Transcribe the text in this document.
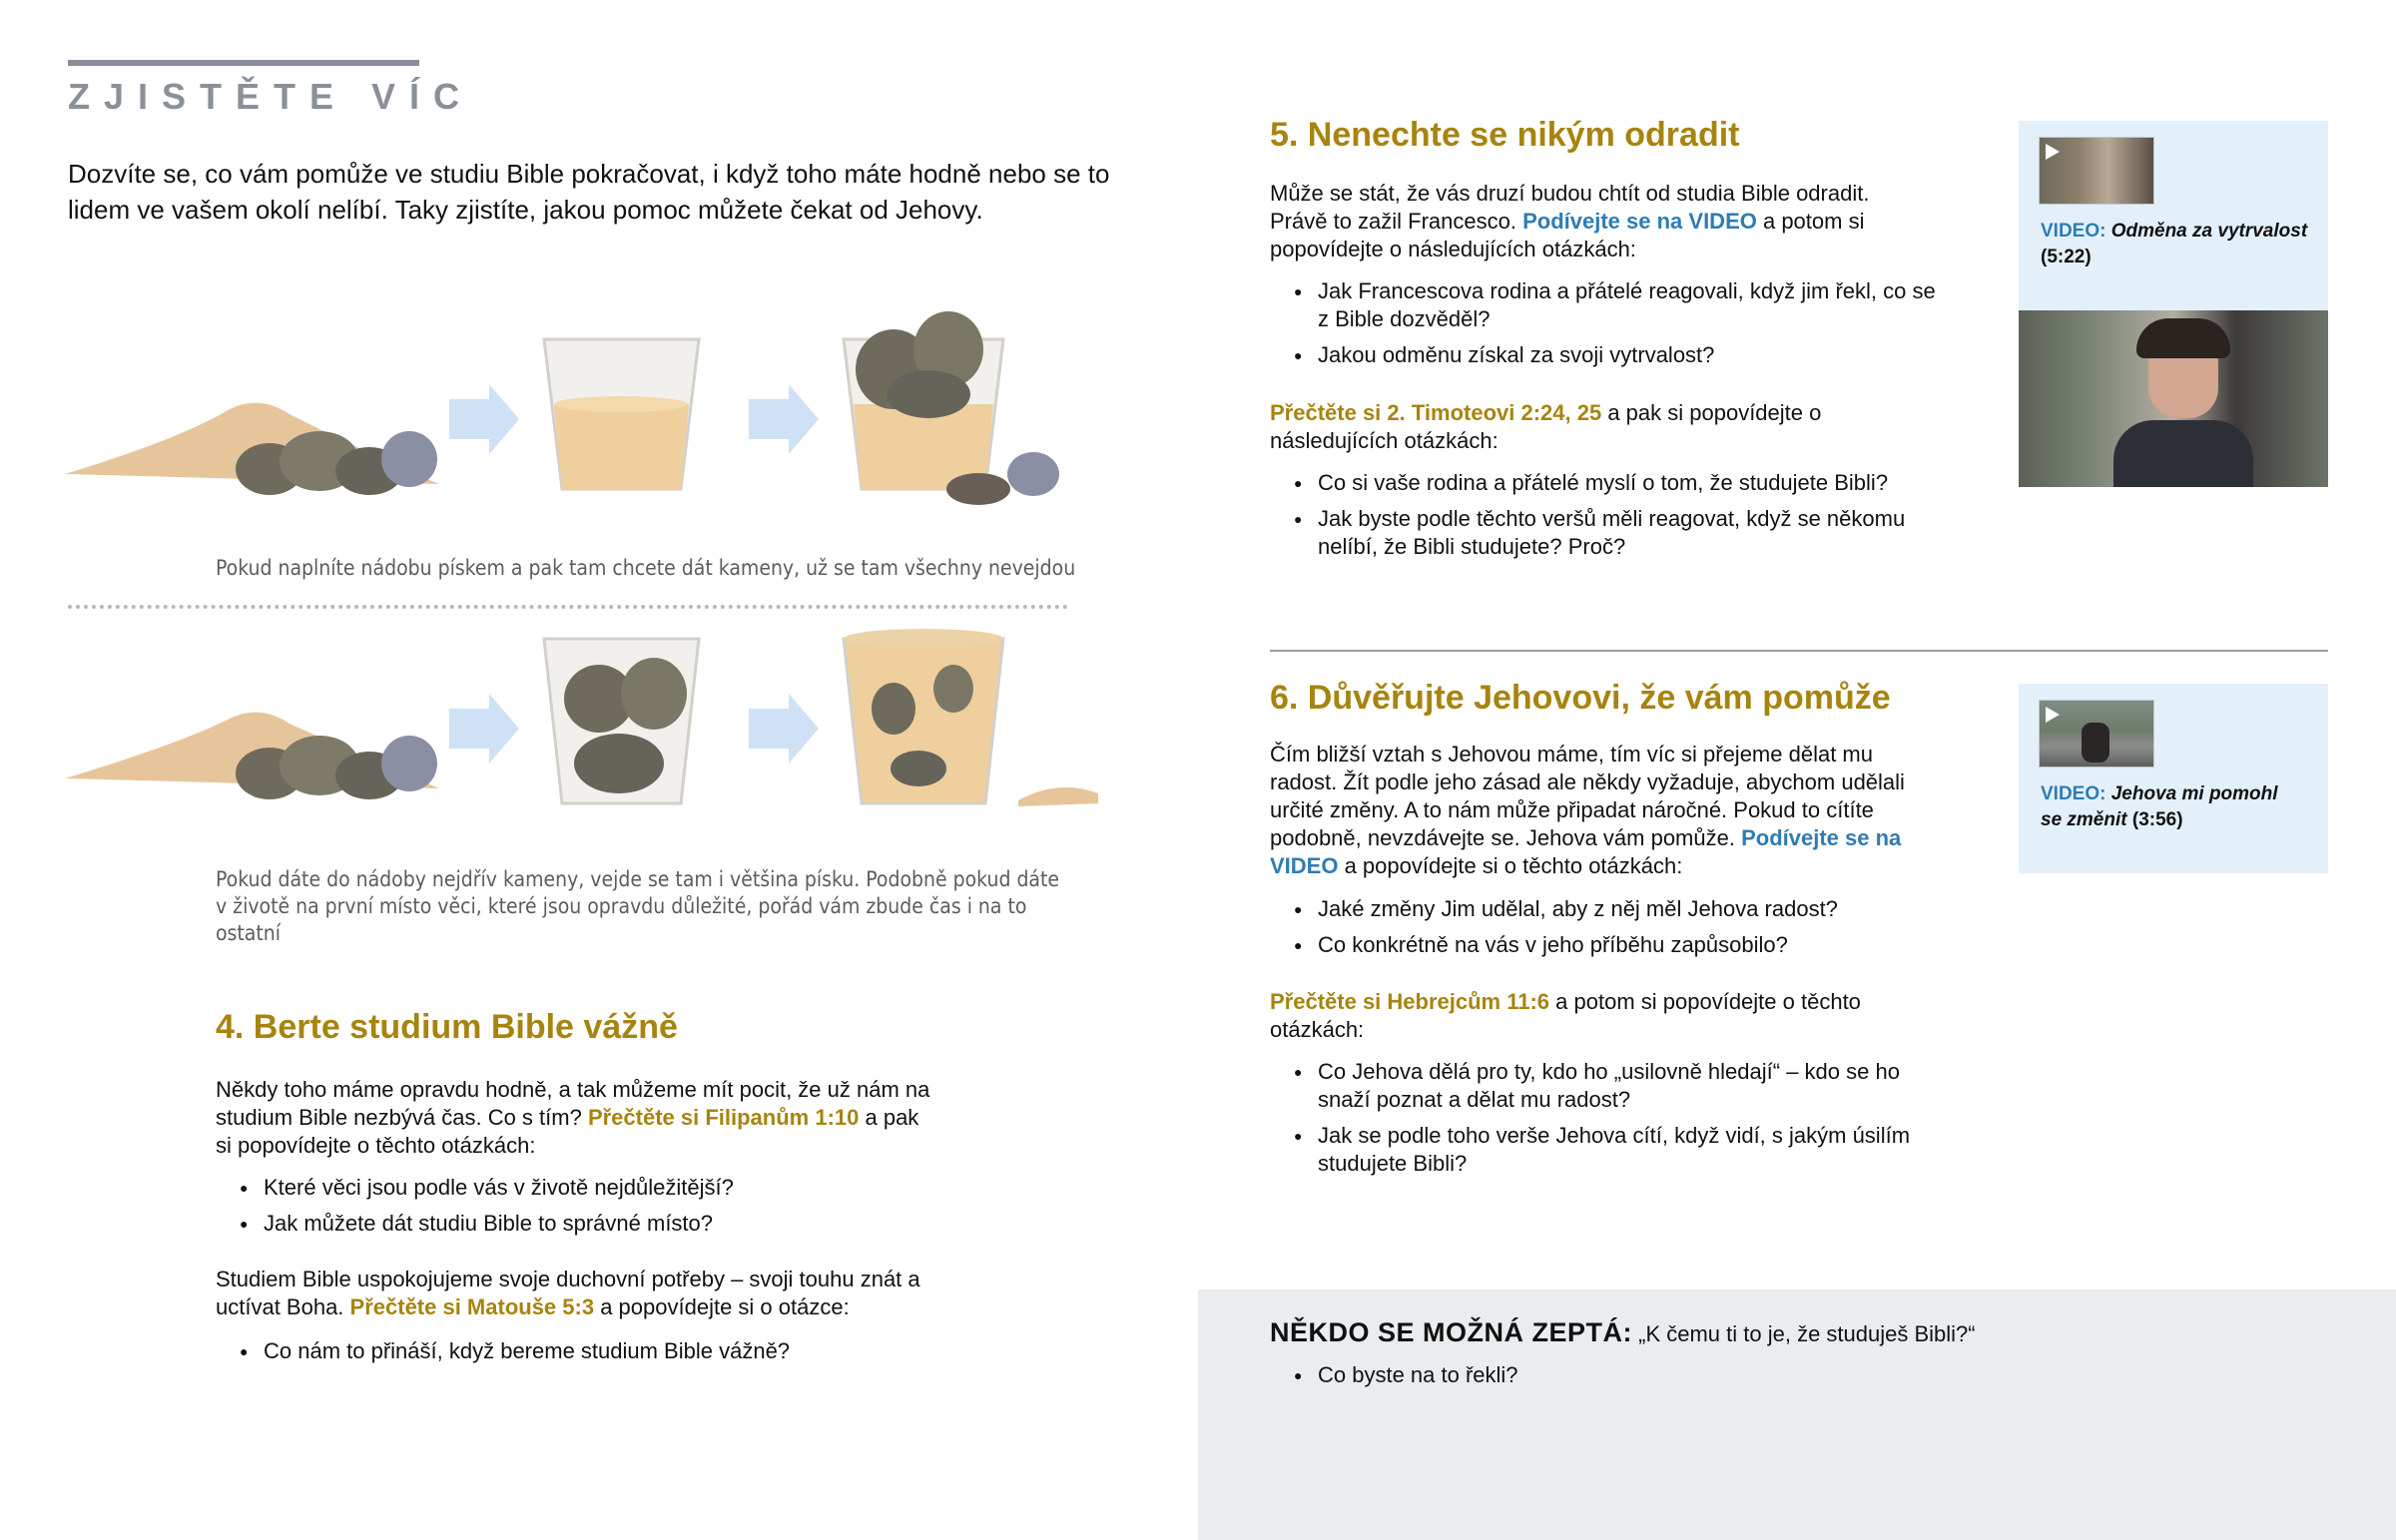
ZJISTĚTE VÍC
Dozvíte se, co vám pomůže ve studiu Bible pokračovat, i když toho máte hodně nebo se to lidem ve vašem okolí nelíbí. Taky zjistíte, jakou pomoc můžete čekat od Jehovy.
Pokud naplníte nádobu pískem a pak tam chcete dát kameny, už se tam všechny nevejdou
Pokud dáte do nádoby nejdřív kameny, vejde se tam i většina písku. Podobně pokud dáte
v životě na první místo věci, které jsou opravdu důležité, pořád vám zbude čas i na to ostatní
4. Berte studium Bible vážně
Někdy toho máme opravdu hodně, a tak můžeme mít pocit, že už nám na studium Bible nezbývá čas. Co s tím? Přečtěte si Filipanům 1:10 a pak si popovídejte o těchto otázkách:
● Které věci jsou podle vás v životě nejdůležitější?
● Jak můžete dát studiu Bible to správné místo?
Studiem Bible uspokojujeme svoje duchovní potřeby – svoji touhu znát a uctívat Boha. Přečtěte si Matouše 5:3 a popovídejte si o otázce:
● Co nám to přináší, když bereme studium Bible vážně?
5. Nenechte se nikým odradit
Může se stát, že vás druzí budou chtít od studia Bible odradit. Právě to zažil Francesco. Podívejte se na VIDEO a potom si popovídejte o následujících otázkách:
● Jak Francescova rodina a přátelé reagovali, když jim řekl, co se z Bible dozvěděl?
● Jakou odměnu získal za svoji vytrvalost?
Přečtěte si 2. Timoteovi 2:24, 25 a pak si popovídejte o následujících otázkách:
● Co si vaše rodina a přátelé myslí o tom, že studujete Bibli?
● Jak byste podle těchto veršů měli reagovat, když se někomu nelíbí, že Bibli studujete? Proč?
VIDEO: Odměna za vytrvalost
(5:22)
6. Důvěřujte Jehovovi, že vám pomůže
Čím bližší vztah s Jehovou máme, tím víc si přejeme dělat mu radost. Žít podle jeho zásad ale někdy vyžaduje, abychom udělali určité změny. A to nám může připadat náročné. Pokud to cítíte podobně, nevzdávejte se. Jehova vám pomůže. Podívejte se na VIDEO a popovídejte si o těchto otázkách:
● Jaké změny Jim udělal, aby z něj měl Jehova radost?
● Co konkrétně na vás v jeho příběhu zapůsobilo?
Přečtěte si Hebrejcům 11:6 a potom si popovídejte o těchto otázkách:
● Co Jehova dělá pro ty, kdo ho „usilovně hledají“ – kdo se ho snaží poznat a dělat mu radost?
● Jak se podle toho verše Jehova cítí, když vidí, s jakým úsilím studujete Bibli?
VIDEO: Jehova mi pomohl
se změnit (3:56)
NĚKDO SE MOŽNÁ ZEPTÁ: „K čemu ti to je, že studuješ Bibli?“
● Co byste na to řekli?
